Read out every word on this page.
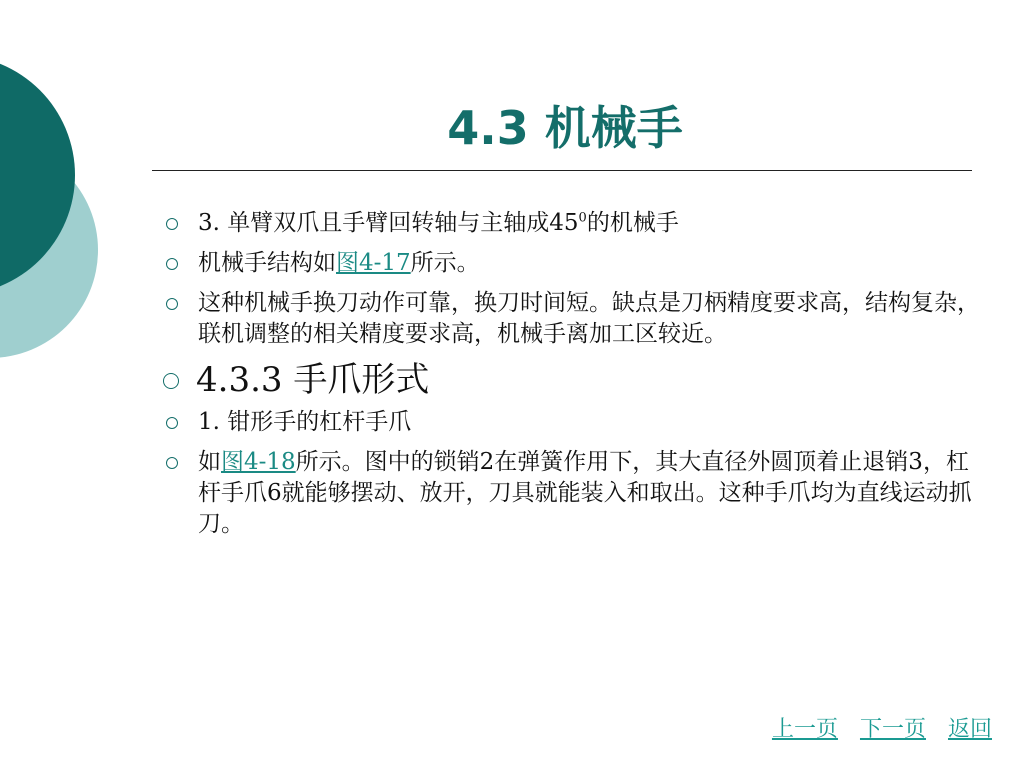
4.3 机械手
3. 单臂双爪且手臂回转轴与主轴成$45^0$的机械手
机械手结构如图4-17所示。
这种机械手换刀动作可靠，换刀时间短。缺点是刀柄精度要求高，结构复杂，联机调整的相关精度要求高，机械手离加工区较近。
4.3.3 手爪形式
1. 钳形手的杠杆手爪
如图4-18所示。图中的锁销2在弹簧作用下，其大直径外圆顶着止退销3，杠杆手爪6就能够摆动、放开，刀具就能装入和取出。这种手爪均为直线运动抓刀。
上一页 下一页 返回
